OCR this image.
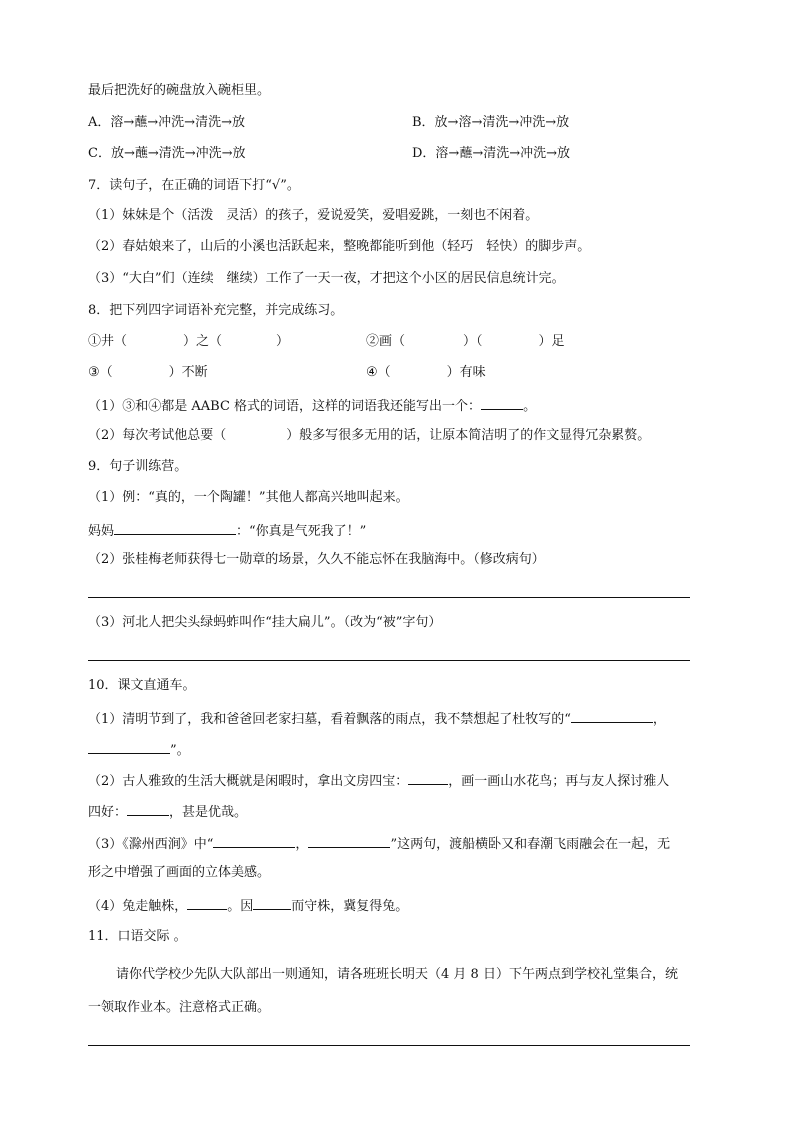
最后把洗好的碗盘放入碗柜里。
A．溶→蘸→冲洗→清洗→放	B．放→溶→清洗→冲洗→放
C．放→蘸→清洗→冲洗→放	D．溶→蘸→清洗→冲洗→放
7．读句子，在正确的词语下打“√”。
（1）妹妹是个（活泼　灵活）的孩子，爱说爱笑，爱唱爱跳，一刻也不闲着。
（2）春姑娘来了，山后的小溪也活跃起来，整晚都能听到他（轻巧　轻快）的脚步声。
（3）“大白”们（连续　继续）工作了一天一夜，才把这个小区的居民信息统计完。
8．把下列四字词语补充完整，并完成练习。
①井（	）之（	）	②画（	）（	）足
③（	）不断	④（	）有味
（1）③和④都是 AABC 格式的词语，这样的词语我还能写出一个：	。
（2）每次考试他总要（	）般多写很多无用的话，让原本简洁明了的作文显得冗杂累赘。
9．句子训练营。
（1）例：“真的，一个陶罐！”其他人都高兴地叫起来。
妈妈	：“你真是气死我了！”
（2）张桂梅老师获得七一勋章的场景，久久不能忘怀在我脑海中。（修改病句）
（3）河北人把尖头绿蚂蚱叫作“挂大扁儿”。（改为“被”字句）
10．课文直通车。
（1）清明节到了，我和爸爸回老家扫墓，看着飘落的雨点，我不禁想起了杜牧写的“	，
”。
（2）古人雅致的生活大概就是闲暇时，拿出文房四宝：	，画一画山水花鸟；再与友人探讨雅人
四好：	，甚是优哉。
（3）《滁州西涧》中“	，	”这两句，渡船横卧又和春潮飞雨融会在一起，无
形之中增强了画面的立体美感。
（4）兔走触株，	。因	而守株，冀复得兔。
11．口语交际 。
请你代学校少先队大队部出一则通知，请各班班长明天（4 月 8 日）下午两点到学校礼堂集合，统
一领取作业本。注意格式正确。
